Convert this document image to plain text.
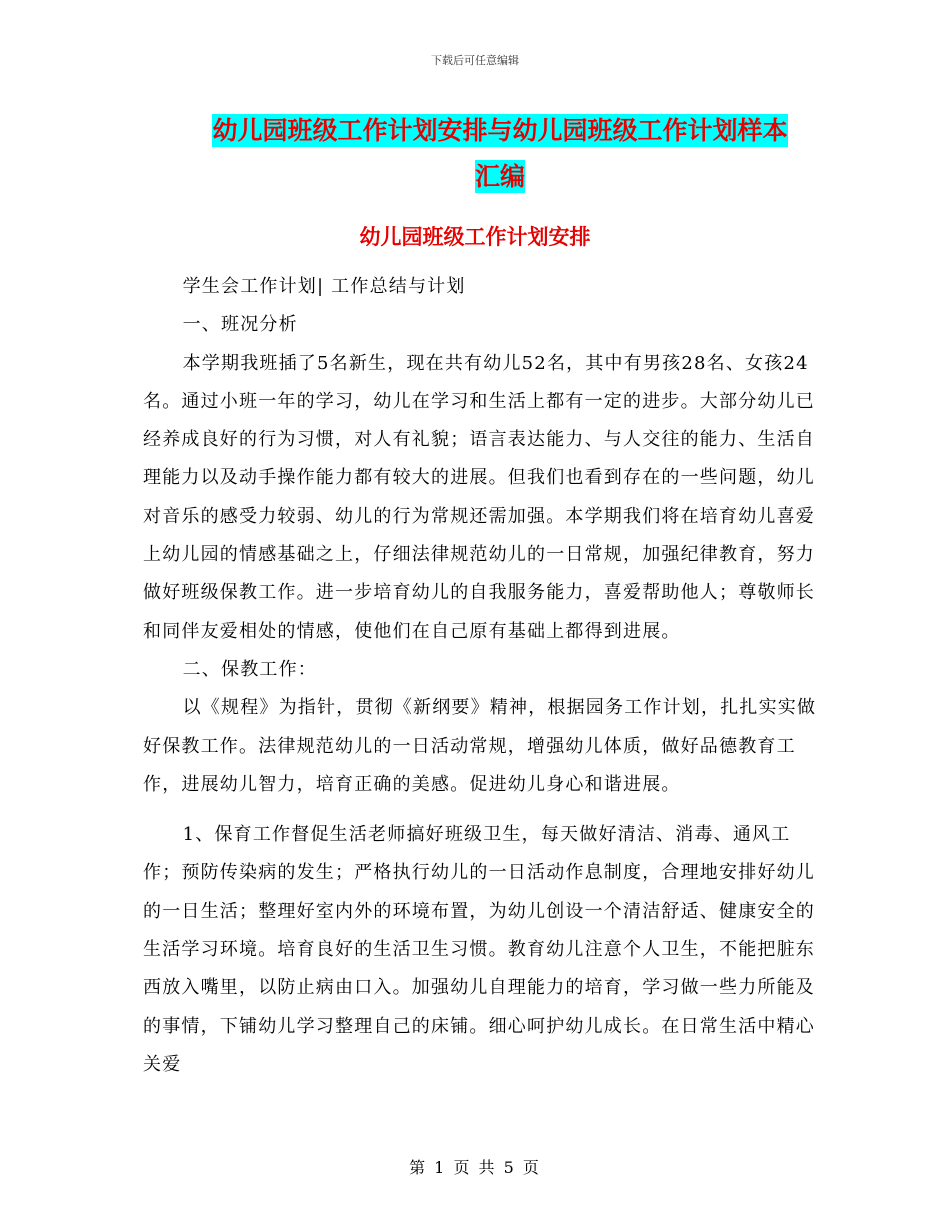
下载后可任意编辑
幼儿园班级工作计划安排与幼儿园班级工作计划样本
汇编
幼儿园班级工作计划安排

学生会工作计划| 工作总结与计划

一、班况分析

本学期我班插了5名新生，现在共有幼儿52名，其中有男孩28名、女孩24名。通过小班一年的学习，幼儿在学习和生活上都有一定的进步。大部分幼儿已经养成良好的行为习惯，对人有礼貌；语言表达能力、与人交往的能力、生活自理能力以及动手操作能力都有较大的进展。但我们也看到存在的一些问题，幼儿对音乐的感受力较弱、幼儿的行为常规还需加强。本学期我们将在培育幼儿喜爱上幼儿园的情感基础之上，仔细法律规范幼儿的一日常规，加强纪律教育，努力做好班级保教工作。进一步培育幼儿的自我服务能力，喜爱帮助他人；尊敬师长和同伴友爱相处的情感，使他们在自己原有基础上都得到进展。

二、保教工作：

以《规程》为指针，贯彻《新纲要》精神，根据园务工作计划，扎扎实实做好保教工作。法律规范幼儿的一日活动常规，增强幼儿体质，做好品德教育工作，进展幼儿智力，培育正确的美感。促进幼儿身心和谐进展。

1、保育工作督促生活老师搞好班级卫生，每天做好清洁、消毒、通风工作；预防传染病的发生；严格执行幼儿的一日活动作息制度，合理地安排好幼儿的一日生活；整理好室内外的环境布置，为幼儿创设一个清洁舒适、健康安全的生活学习环境。培育良好的生活卫生习惯。教育幼儿注意个人卫生，不能把脏东西放入嘴里，以防止病由口入。加强幼儿自理能力的培育，学习做一些力所能及的事情，下铺幼儿学习整理自己的床铺。细心呵护幼儿成长。在日常生活中精心关爱

第 1 页 共 5 页
